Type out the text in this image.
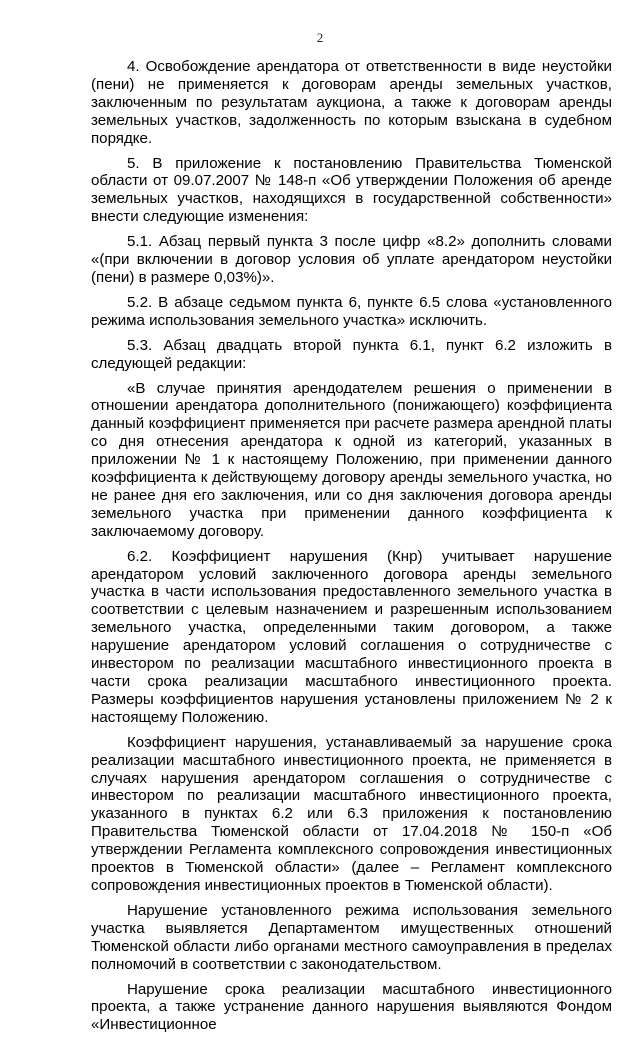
2

4. Освобождение арендатора от ответственности в виде неустойки (пени) не применяется к договорам аренды земельных участков, заключенным по результатам аукциона, а также к договорам аренды земельных участков, задолженность по которым взыскана в судебном порядке.

5. В приложение к постановлению Правительства Тюменской области от 09.07.2007 № 148-п «Об утверждении Положения об аренде земельных участков, находящихся в государственной собственности» внести следующие изменения:

5.1. Абзац первый пункта 3 после цифр «8.2» дополнить словами «(при включении в договор условия об уплате арендатором неустойки (пени) в размере 0,03%)».

5.2. В абзаце седьмом пункта 6, пункте 6.5 слова «установленного режима использования земельного участка» исключить.

5.3. Абзац двадцать второй пункта 6.1, пункт 6.2 изложить в следующей редакции:

«В случае принятия арендодателем решения о применении в отношении арендатора дополнительного (понижающего) коэффициента данный коэффициент применяется при расчете размера арендной платы со дня отнесения арендатора к одной из категорий, указанных в приложении № 1 к настоящему Положению, при применении данного коэффициента к действующему договору аренды земельного участка, но не ранее дня его заключения, или со дня заключения договора аренды земельного участка при применении данного коэффициента к заключаемому договору.

6.2. Коэффициент нарушения (Кнр) учитывает нарушение арендатором условий заключенного договора аренды земельного участка в части использования предоставленного земельного участка в соответствии с целевым назначением и разрешенным использованием земельного участка, определенными таким договором, а также нарушение арендатором условий соглашения о сотрудничестве с инвестором по реализации масштабного инвестиционного проекта в части срока реализации масштабного инвестиционного проекта. Размеры коэффициентов нарушения установлены приложением № 2 к настоящему Положению.

Коэффициент нарушения, устанавливаемый за нарушение срока реализации масштабного инвестиционного проекта, не применяется в случаях нарушения арендатором соглашения о сотрудничестве с инвестором по реализации масштабного инвестиционного проекта, указанного в пунктах 6.2 или 6.3 приложения к постановлению Правительства Тюменской области от 17.04.2018 № 150-п «Об утверждении Регламента комплексного сопровождения инвестиционных проектов в Тюменской области» (далее – Регламент комплексного сопровождения инвестиционных проектов в Тюменской области).

Нарушение установленного режима использования земельного участка выявляется Департаментом имущественных отношений Тюменской области либо органами местного самоуправления в пределах полномочий в соответствии с законодательством.

Нарушение срока реализации масштабного инвестиционного проекта, а также устранение данного нарушения выявляются Фондом «Инвестиционное
